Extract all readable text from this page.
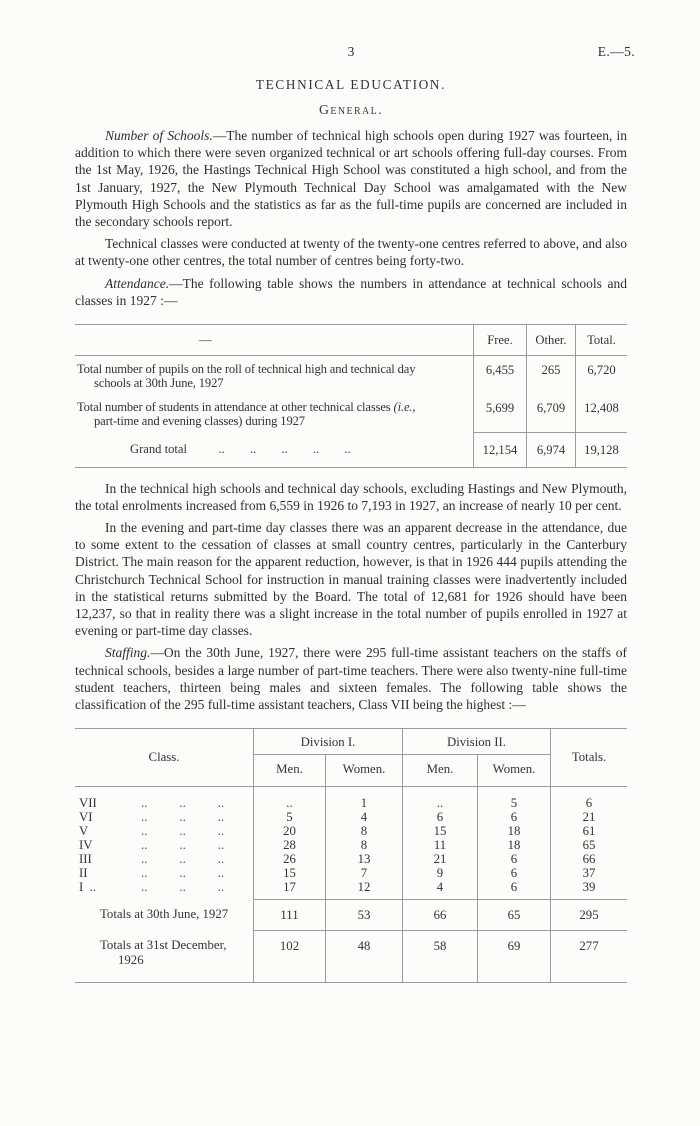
3	E.—5.
TECHNICAL EDUCATION.
General.

Number of Schools.—The number of technical high schools open during 1927 was fourteen, in addition to which there were seven organized technical or art schools offering full-day courses. From the 1st May, 1926, the Hastings Technical High School was constituted a high school, and from the 1st January, 1927, the New Plymouth Technical Day School was amalgamated with the New Plymouth High Schools and the statistics as far as the full-time pupils are concerned are included in the secondary schools report.

Technical classes were conducted at twenty of the twenty-one centres referred to above, and also at twenty-one other centres, the total number of centres being forty-two.

Attendance.—The following table shows the numbers in attendance at technical schools and classes in 1927 :—

—	Free.	Other.	Total.
Total number of pupils on the roll of technical high and technical day
schools at 30th June, 1927
6,455	265	6,720
Total number of students in attendance at other technical classes (i.e.,
part-time and evening classes) during 1927
5,699	6,709	12,408
Grand total   ..  ..  ..  ..  ..	12,154	6,974	19,128

In the technical high schools and technical day schools, excluding Hastings and New Plymouth, the total enrolments increased from 6,559 in 1926 to 7,193 in 1927, an increase of nearly 10 per cent.

In the evening and part-time day classes there was an apparent decrease in the attendance, due to some extent to the cessation of classes at small country centres, particularly in the Canterbury District. The main reason for the apparent reduction, however, is that in 1926 444 pupils attending the Christchurch Technical School for instruction in manual training classes were inadvertently included in the statistical returns submitted by the Board. The total of 12,681 for 1926 should have been 12,237, so that in reality there was a slight increase in the total number of pupils enrolled in 1927 at evening or part-time day classes.

Staffing.—On the 30th June, 1927, there were 295 full-time assistant teachers on the staffs of technical schools, besides a large number of part-time teachers. There were also twenty-nine full-time student teachers, thirteen being males and sixteen females. The following table shows the classification of the 295 full-time assistant teachers, Class VII being the highest :—

Class.
Division I.	Division II.
Totals.
Men.	Women.	Men.	Women.
VII	..   ..   ..	..	1	..	5	6
VI	..   ..   ..	5	4	6	6	21
V	..   ..   ..	20	8	15	18	61
IV	..   ..   ..	28	8	11	18	65
III	..   ..   ..	26	13	21	6	66
II	..   ..   ..	15	7	9	6	37
I ..	..   ..   ..	17	12	4	6	39
Totals at 30th June, 1927	111	53	66	65	295
Totals at 31st December,
1926
102	48	58	69	277
